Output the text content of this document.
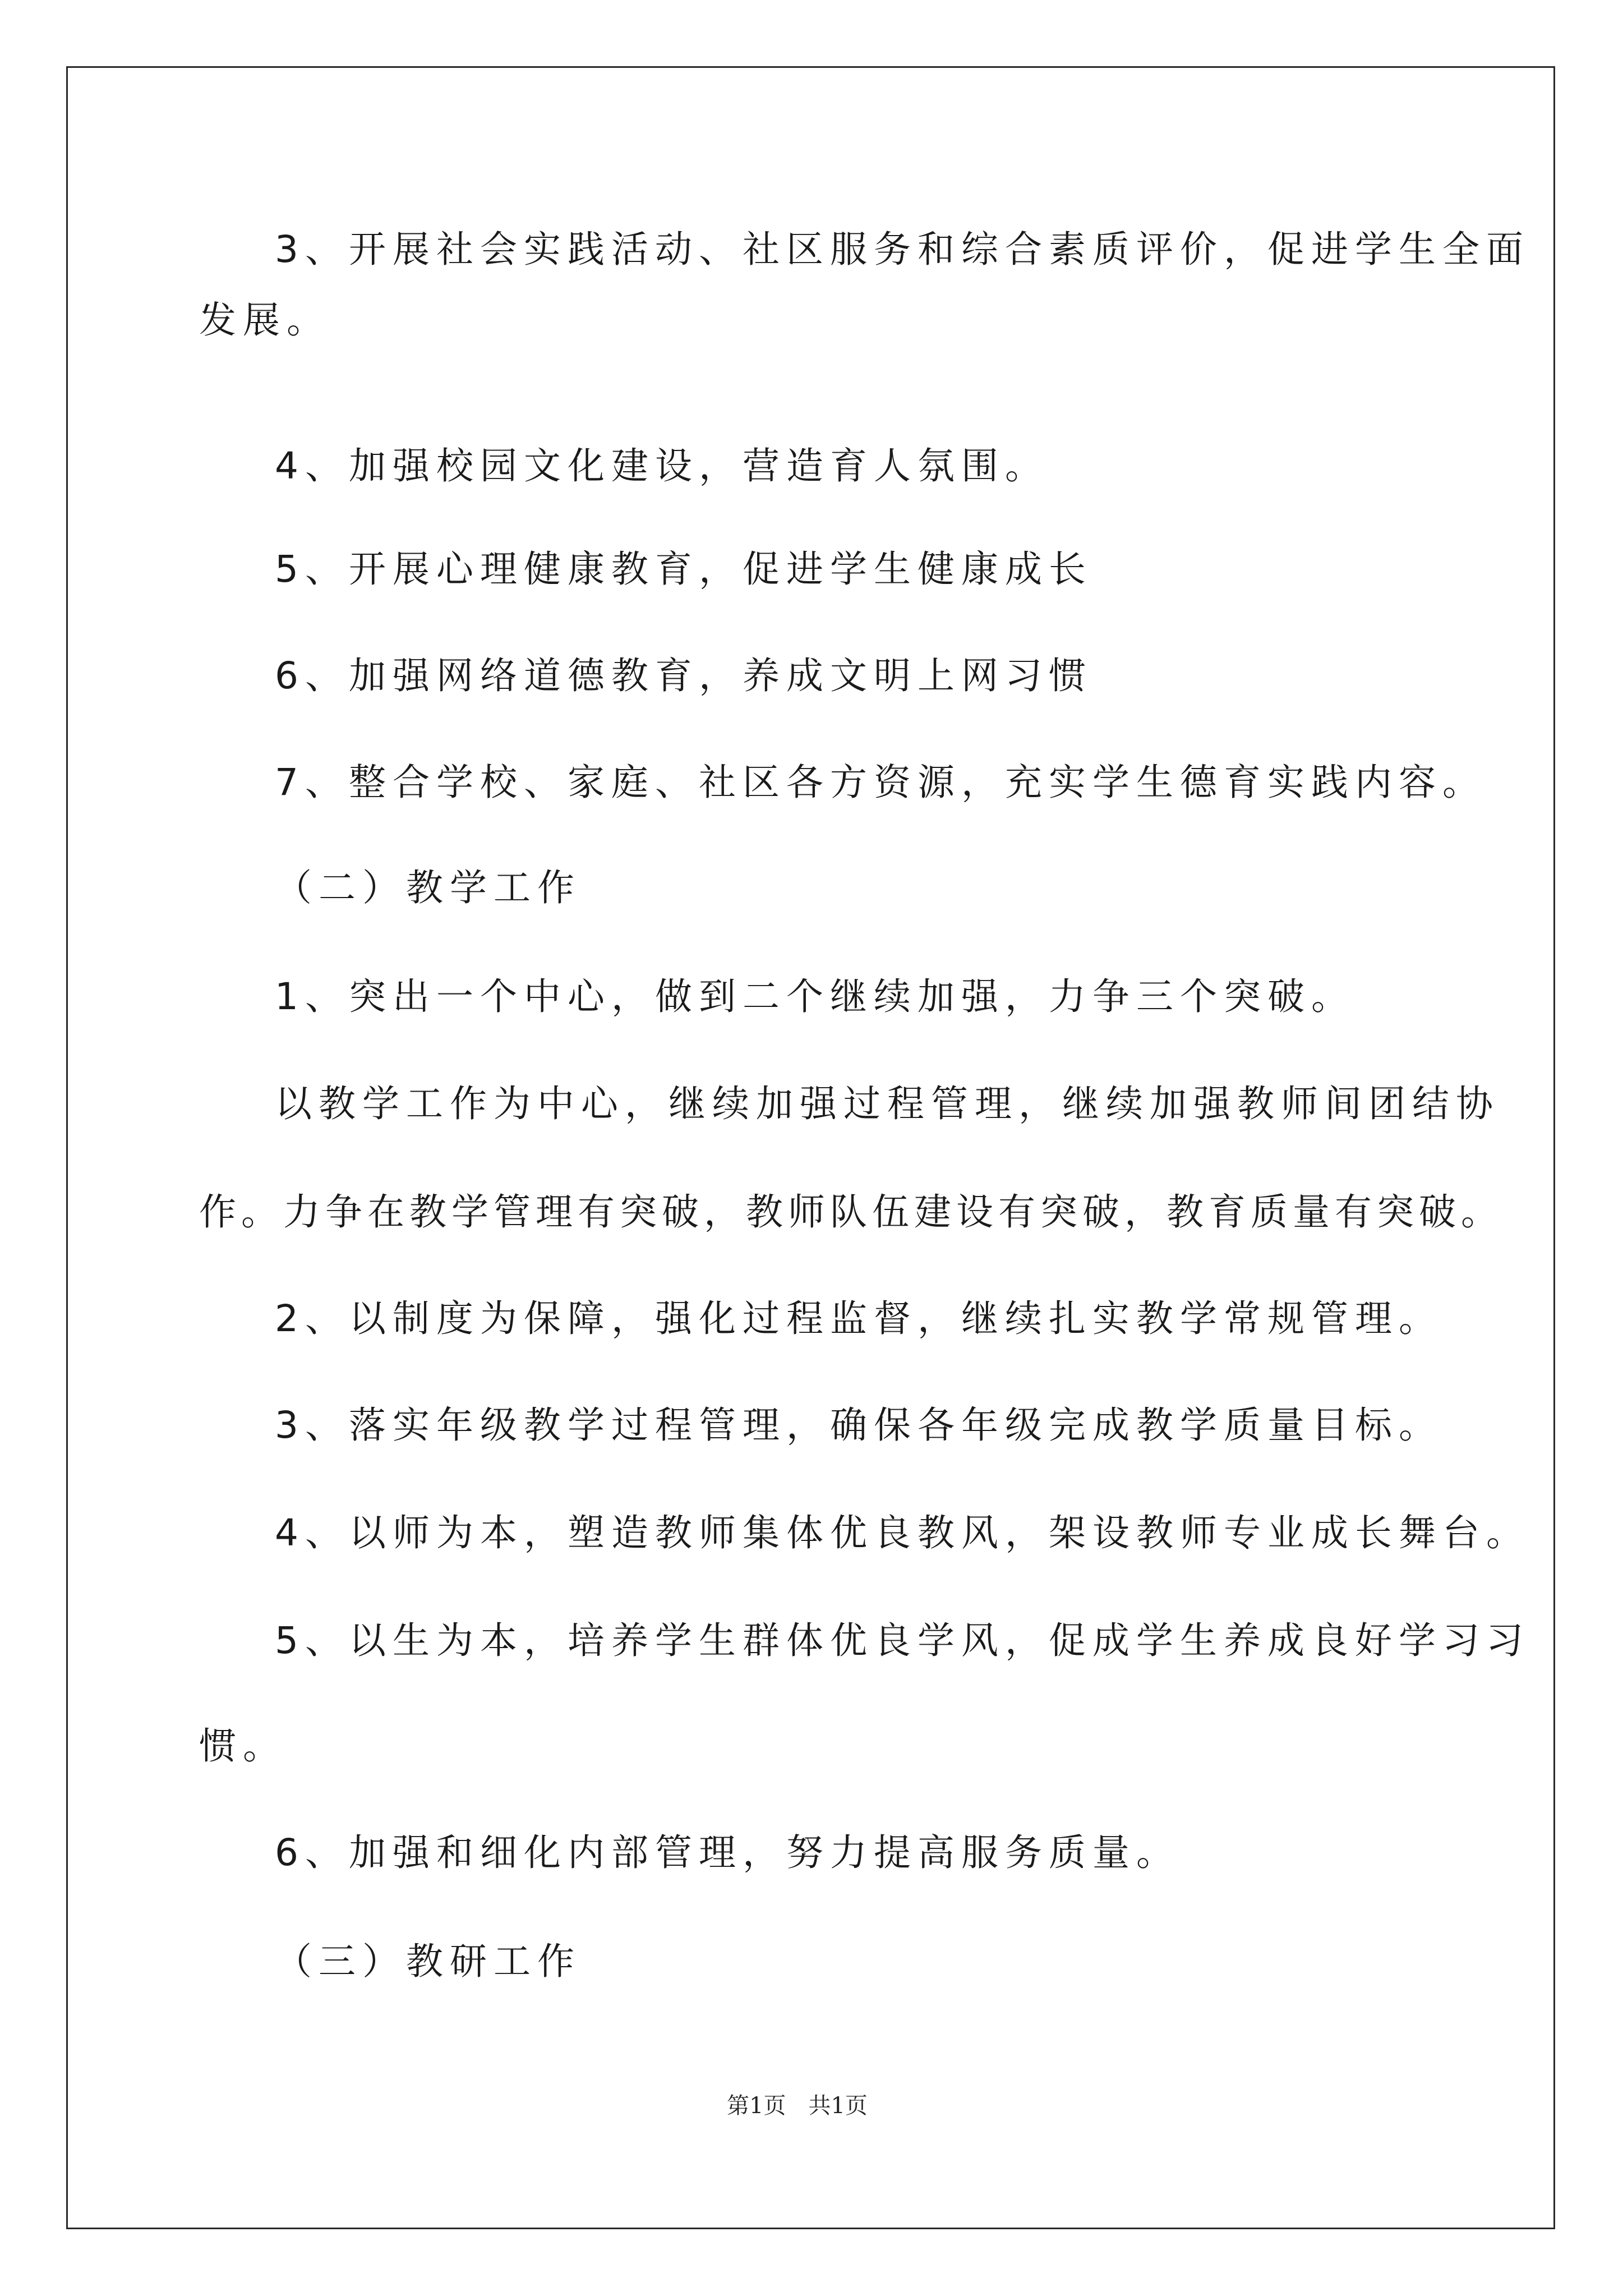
3、开展社会实践活动、社区服务和综合素质评价，促进学生全面

发展。

4、加强校园文化建设，营造育人氛围。

5、开展心理健康教育，促进学生健康成长

6、加强网络道德教育，养成文明上网习惯

7、整合学校、家庭、社区各方资源，充实学生德育实践内容。

（二）教学工作

1、突出一个中心，做到二个继续加强，力争三个突破。

以教学工作为中心，继续加强过程管理，继续加强教师间团结协

作。力争在教学管理有突破，教师队伍建设有突破，教育质量有突破。

2、以制度为保障，强化过程监督，继续扎实教学常规管理。

3、落实年级教学过程管理，确保各年级完成教学质量目标。

4、以师为本，塑造教师集体优良教风，架设教师专业成长舞台。

5、以生为本，培养学生群体优良学风，促成学生养成良好学习习

惯。

6、加强和细化内部管理，努力提高服务质量。

（三）教研工作

第1页　共1页
